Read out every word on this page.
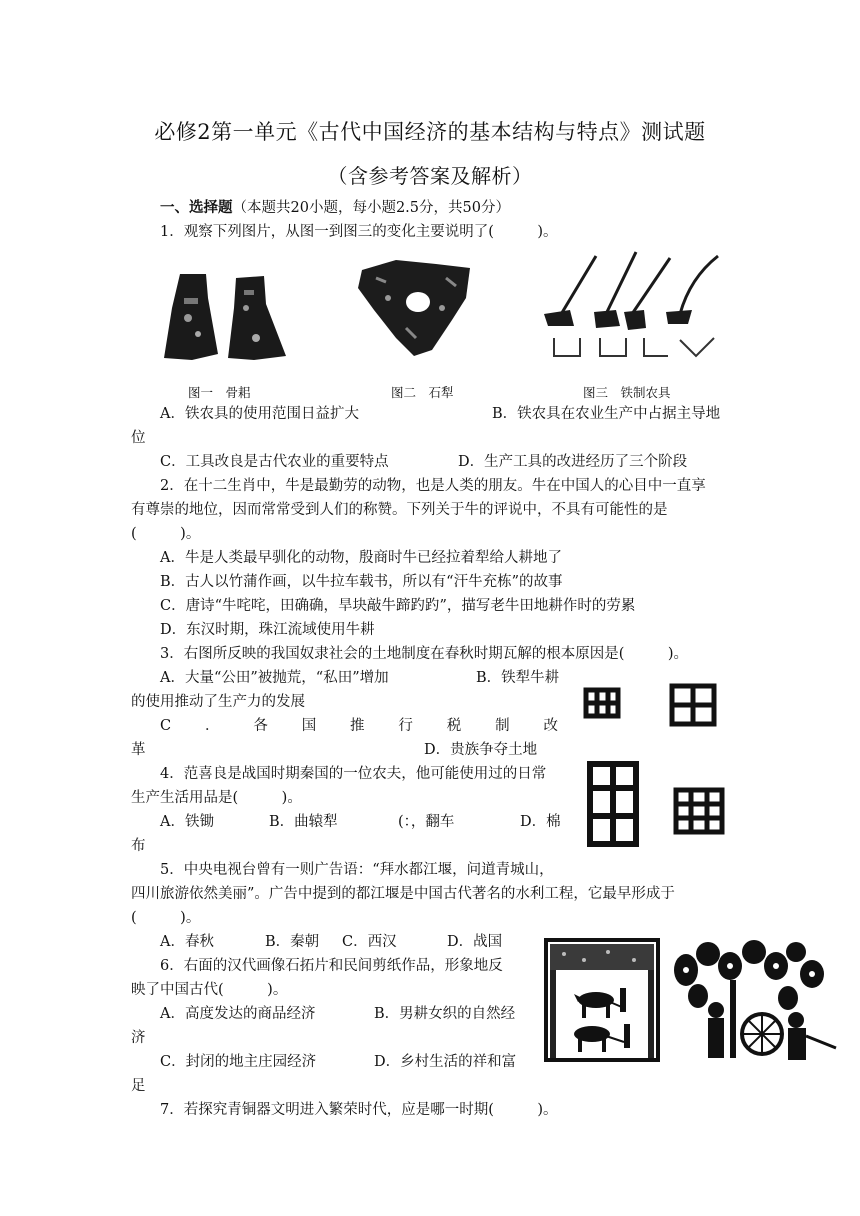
必修2第一单元《古代中国经济的基本结构与特点》测试题
（含参考答案及解析）
一、选择题（本题共20小题，每小题2.5分，共50分）
1．观察下列图片，从图一到图三的变化主要说明了(　　　)。
图一　骨耜	图二　石犁	图三　铁制农具
A．铁农具的使用范围日益扩大	B．铁农具在农业生产中占据主导地
位
C．工具改良是古代农业的重要特点	D．生产工具的改进经历了三个阶段
2．在十二生肖中，牛是最勤劳的动物，也是人类的朋友。牛在中国人的心目中一直享
有尊崇的地位，因而常常受到人们的称赞。下列关于牛的评说中，不具有可能性的是
(　　　)。
A．牛是人类最早驯化的动物，殷商时牛已经拉着犁给人耕地了
B．古人以竹蒲作画，以牛拉车载书，所以有“汗牛充栋”的故事
C．唐诗“牛咤咤，田确确，旱块敲牛蹄趵趵”，描写老牛田地耕作时的劳累
D．东汉时期，珠江流域使用牛耕
3．右图所反映的我国奴隶社会的土地制度在春秋时期瓦解的根本原因是(　　　)。
A．大量“公田”被抛荒，“私田”增加	B．铁犁牛耕
的使用推动了生产力的发展
C ． 各 国 推 行 税 制 改
革	D．贵族争夺土地
4．范喜良是战国时期秦国的一位农夫，他可能使用过的日常
生产生活用品是(　　　)。
A．铁锄	B．曲辕犁	(：，翻车	D．棉
布
5．中央电视台曾有一则广告语：“拜水都江堰，问道青城山，
四川旅游依然美丽”。广告中提到的都江堰是中国古代著名的水利工程，它最早形成于
(　　　)。
A．春秋	B．秦朝 C．西汉	D．战国
6．右面的汉代画像石拓片和民间剪纸作品，形象地反
映了中国古代(　　　)。
A．高度发达的商品经济	B．男耕女织的自然经
济
C．封闭的地主庄园经济	D．乡村生活的祥和富
足
7．若探究青铜器文明进入繁荣时代，应是哪一时期(　　　)。
